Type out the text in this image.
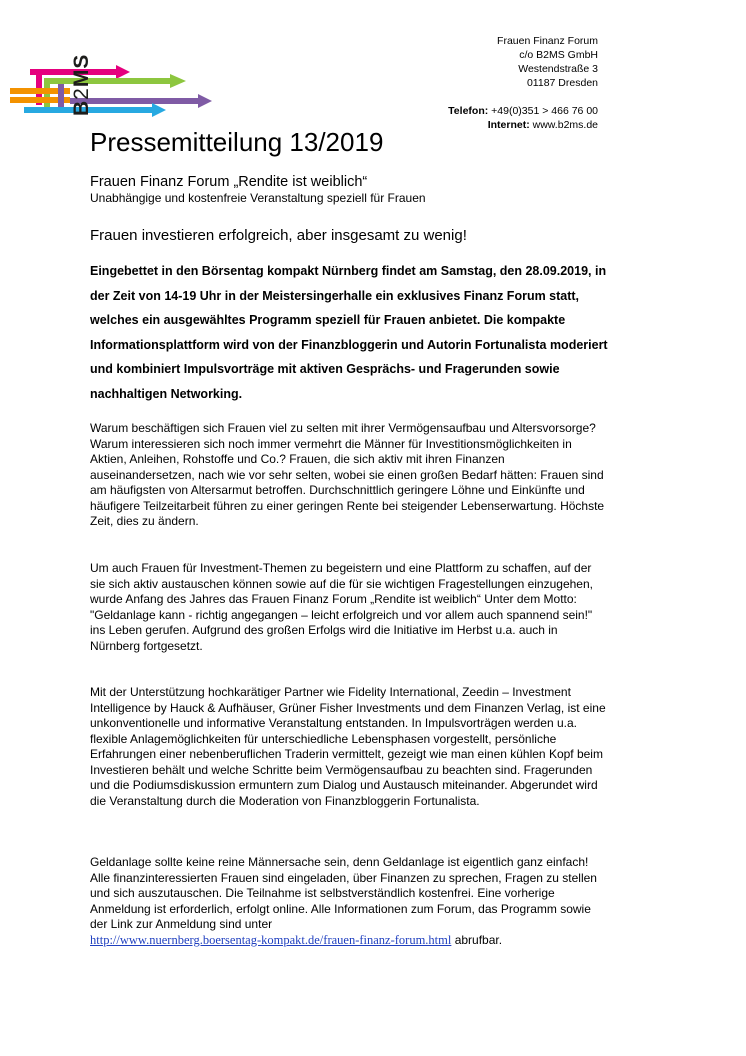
B2MS
Frauen Finanz Forum
c/o B2MS GmbH
Westendstraße 3
01187 Dresden
Telefon: +49(0)351 > 466 76 00
Internet: www.b2ms.de
Pressemitteilung 13/2019
Frauen Finanz Forum „Rendite ist weiblich“
Unabhängige und kostenfreie Veranstaltung speziell für Frauen
Frauen investieren erfolgreich, aber insgesamt zu wenig!
Eingebettet in den Börsentag kompakt Nürnberg findet am Samstag, den 28.09.2019, in der Zeit von 14-19 Uhr in der Meistersingerhalle ein exklusives Finanz Forum statt, welches ein ausgewähltes Programm speziell für Frauen anbietet. Die kompakte Informationsplattform wird von der Finanzbloggerin und Autorin Fortunalista moderiert und kombiniert Impulsvorträge mit aktiven Gesprächs- und Fragerunden sowie nachhaltigen Networking.
Warum beschäftigen sich Frauen viel zu selten mit ihrer Vermögensaufbau und Altersvorsorge? Warum interessieren sich noch immer vermehrt die Männer für Investitionsmöglichkeiten in Aktien, Anleihen, Rohstoffe und Co.? Frauen, die sich aktiv mit ihren Finanzen auseinandersetzen, nach wie vor sehr selten, wobei sie einen großen Bedarf hätten: Frauen sind am häufigsten von Altersarmut betroffen. Durchschnittlich geringere Löhne und Einkünfte und häufigere Teilzeitarbeit führen zu einer geringen Rente bei steigender Lebenserwartung. Höchste Zeit, dies zu ändern.
Um auch Frauen für Investment-Themen zu begeistern und eine Plattform zu schaffen, auf der sie sich aktiv austauschen können sowie auf die für sie wichtigen Fragestellungen einzugehen, wurde Anfang des Jahres das Frauen Finanz Forum „Rendite ist weiblich“ Unter dem Motto: "Geldanlage kann - richtig angegangen – leicht erfolgreich und vor allem auch spannend sein!" ins Leben gerufen. Aufgrund des großen Erfolgs wird die Initiative im Herbst u.a. auch in Nürnberg fortgesetzt.
Mit der Unterstützung hochkarätiger Partner wie Fidelity International, Zeedin – Investment Intelligence by Hauck & Aufhäuser, Grüner Fisher Investments und dem Finanzen Verlag, ist eine unkonventionelle und informative Veranstaltung entstanden. In Impulsvorträgen werden u.a. flexible Anlagemöglichkeiten für unterschiedliche Lebensphasen vorgestellt, persönliche Erfahrungen einer nebenberuflichen Traderin vermittelt, gezeigt wie man einen kühlen Kopf beim Investieren behält und welche Schritte beim Vermögensaufbau zu beachten sind. Fragerunden und die Podiumsdiskussion ermuntern zum Dialog und Austausch miteinander. Abgerundet wird die Veranstaltung durch die Moderation von Finanzbloggerin Fortunalista.
Geldanlage sollte keine reine Männersache sein, denn Geldanlage ist eigentlich ganz einfach! Alle finanzinteressierten Frauen sind eingeladen, über Finanzen zu sprechen, Fragen zu stellen und sich auszutauschen. Die Teilnahme ist selbstverständlich kostenfrei. Eine vorherige Anmeldung ist erforderlich, erfolgt online. Alle Informationen zum Forum, das Programm sowie der Link zur Anmeldung sind unter
http://www.nuernberg.boersentag-kompakt.de/frauen-finanz-forum.html abrufbar.
